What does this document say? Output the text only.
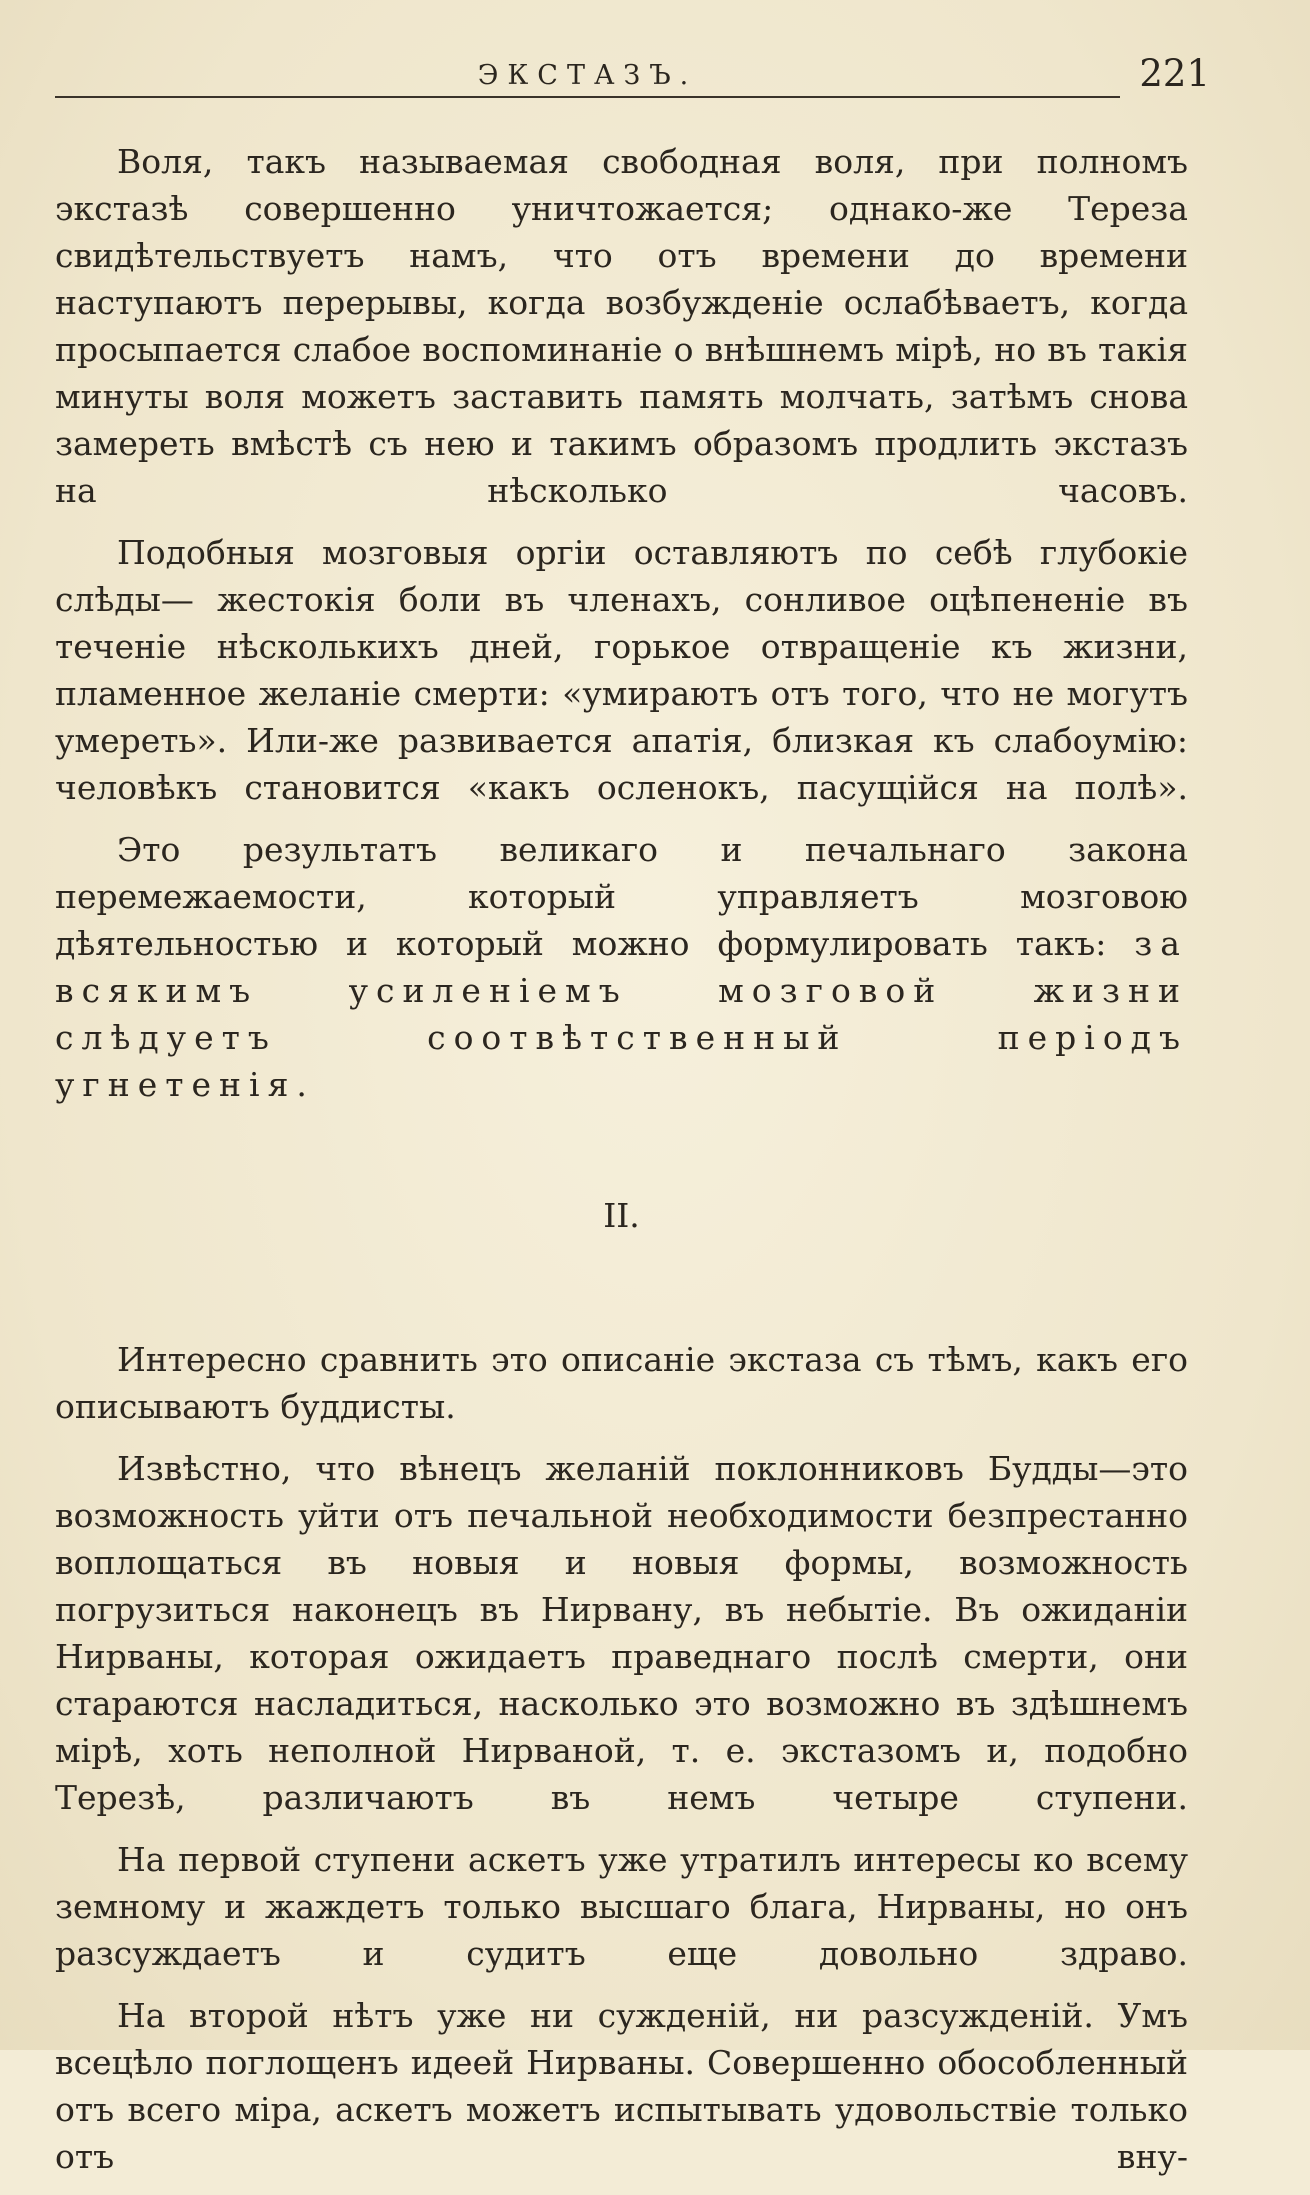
ЭКСТАЗЪ.	221

Воля, такъ называемая свободная воля, при полномъ экстазѣ совершенно уничтожается; однако-же Тереза свидѣтельствуетъ намъ, что отъ времени до времени наступаютъ перерывы, когда возбужденіе ослабѣваетъ, когда просыпается слабое воспоминаніе о внѣшнемъ мірѣ, но въ такія минуты воля можетъ заставить память молчать, затѣмъ снова замереть вмѣстѣ съ нею и такимъ образомъ продлить экстазъ на нѣсколько часовъ.

Подобныя мозговыя оргіи оставляютъ по себѣ глубокіе слѣды— жестокія боли въ членахъ, сонливое оцѣпененіе въ теченіе нѣсколькихъ дней, горькое отвращеніе къ жизни, пламенное желаніе смерти: «умираютъ отъ того, что не могутъ умереть». Или-же развивается апатія, близкая къ слабоумію: человѣкъ становится «какъ осленокъ, пасущійся на полѣ».

Это результатъ великаго и печальнаго закона перемежаемости, который управляетъ мозговою дѣятельностью и который можно формулировать такъ: за всякимъ усиленіемъ мозговой жизни слѣдуетъ соотвѣтственный періодъ угнетенія.

II.

Интересно сравнить это описаніе экстаза съ тѣмъ, какъ его описываютъ буддисты.

Извѣстно, что вѣнецъ желаній поклонниковъ Будды—это возможность уйти отъ печальной необходимости безпрестанно воплощаться въ новыя и новыя формы, возможность погрузиться наконецъ въ Нирвану, въ небытіе. Въ ожиданіи Нирваны, которая ожидаетъ праведнаго послѣ смерти, они стараются насладиться, насколько это возможно въ здѣшнемъ мірѣ, хоть неполной Нирваной, т. е. экстазомъ и, подобно Терезѣ, различаютъ въ немъ четыре ступени.

На первой ступени аскетъ уже утратилъ интересы ко всему земному и жаждетъ только высшаго блага, Нирваны, но онъ разсуждаетъ и судитъ еще довольно здраво.

На второй нѣтъ уже ни сужденій, ни разсужденій. Умъ всецѣло поглощенъ идеей Нирваны. Совершенно обособленный отъ всего міра, аскетъ можетъ испытывать удовольствіе только отъ вну-
